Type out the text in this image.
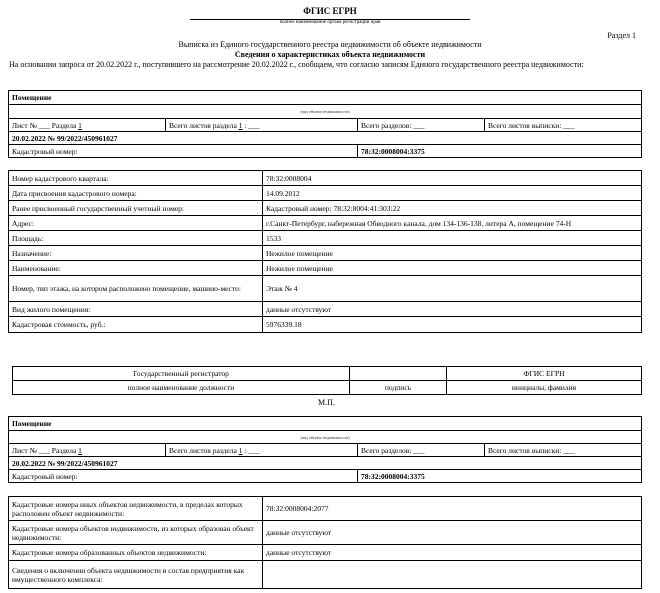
ФГИС ЕГРН
полное наименование органа регистрации прав
Раздел 1
Выписка из Единого государственного реестра недвижимости об объекте недвижимости
Сведения о характеристиках объекта недвижимости
На основании запроса от 20.02.2022 г., поступившего на рассмотрение 20.02.2022 г., сообщаем, что согласно записям Единого государственного реестра недвижимости:
Помещение			
(вид объекта недвижимости)			
Лист № ___ Раздела 1	Всего листов раздела 1 : ___	Всего разделов: ___	Всего листов выписки: ___
20.02.2022 № 99/2022/450961027			
Кадастровый номер:		78:32:0008004:3375	
Номер кадастрового квартала:	78:32:0008004
Дата присвоения кадастрового номера:	14.09.2012
Ранее присвоенный государственный учетный номер:	Кадастровый номер: 78:32:8004:41:303:22
Адрес:	г.Санкт-Петербург, набережная Обводного канала, дом 134-136-138, литера А, помещение 74-Н
Площадь:	1533
Назначение:	Нежилое помещение
Наименование:	Нежилое помещение
Номер, тип этажа, на котором расположено помещение, машино-место:	Этаж № 4
Вид жилого помещения:	данные отсутствуют
Кадастровая стоимость, руб.:	5976339.18
Государственный регистратор		ФГИС ЕГРН
полное наименование должности	подпись	инициалы, фамилия
М.П.
Помещение			
(вид объекта недвижимости)			
Лист № ___ Раздела 1	Всего листов раздела 1 : ___	Всего разделов: ___	Всего листов выписки: ___
20.02.2022 № 99/2022/450961027			
Кадастровый номер:		78:32:0008004:3375	
Кадастровые номера иных объектов недвижимости, в пределах которых расположен объект недвижимости:	78:32:0008004:2077
Кадастровые номера объектов недвижимости, из которых образован объект недвижимости:	данные отсутствуют
Кадастровые номера образованных объектов недвижимости:	данные отсутствуют
Сведения о включении объекта недвижимости в состав предприятия как имущественного комплекса:	
